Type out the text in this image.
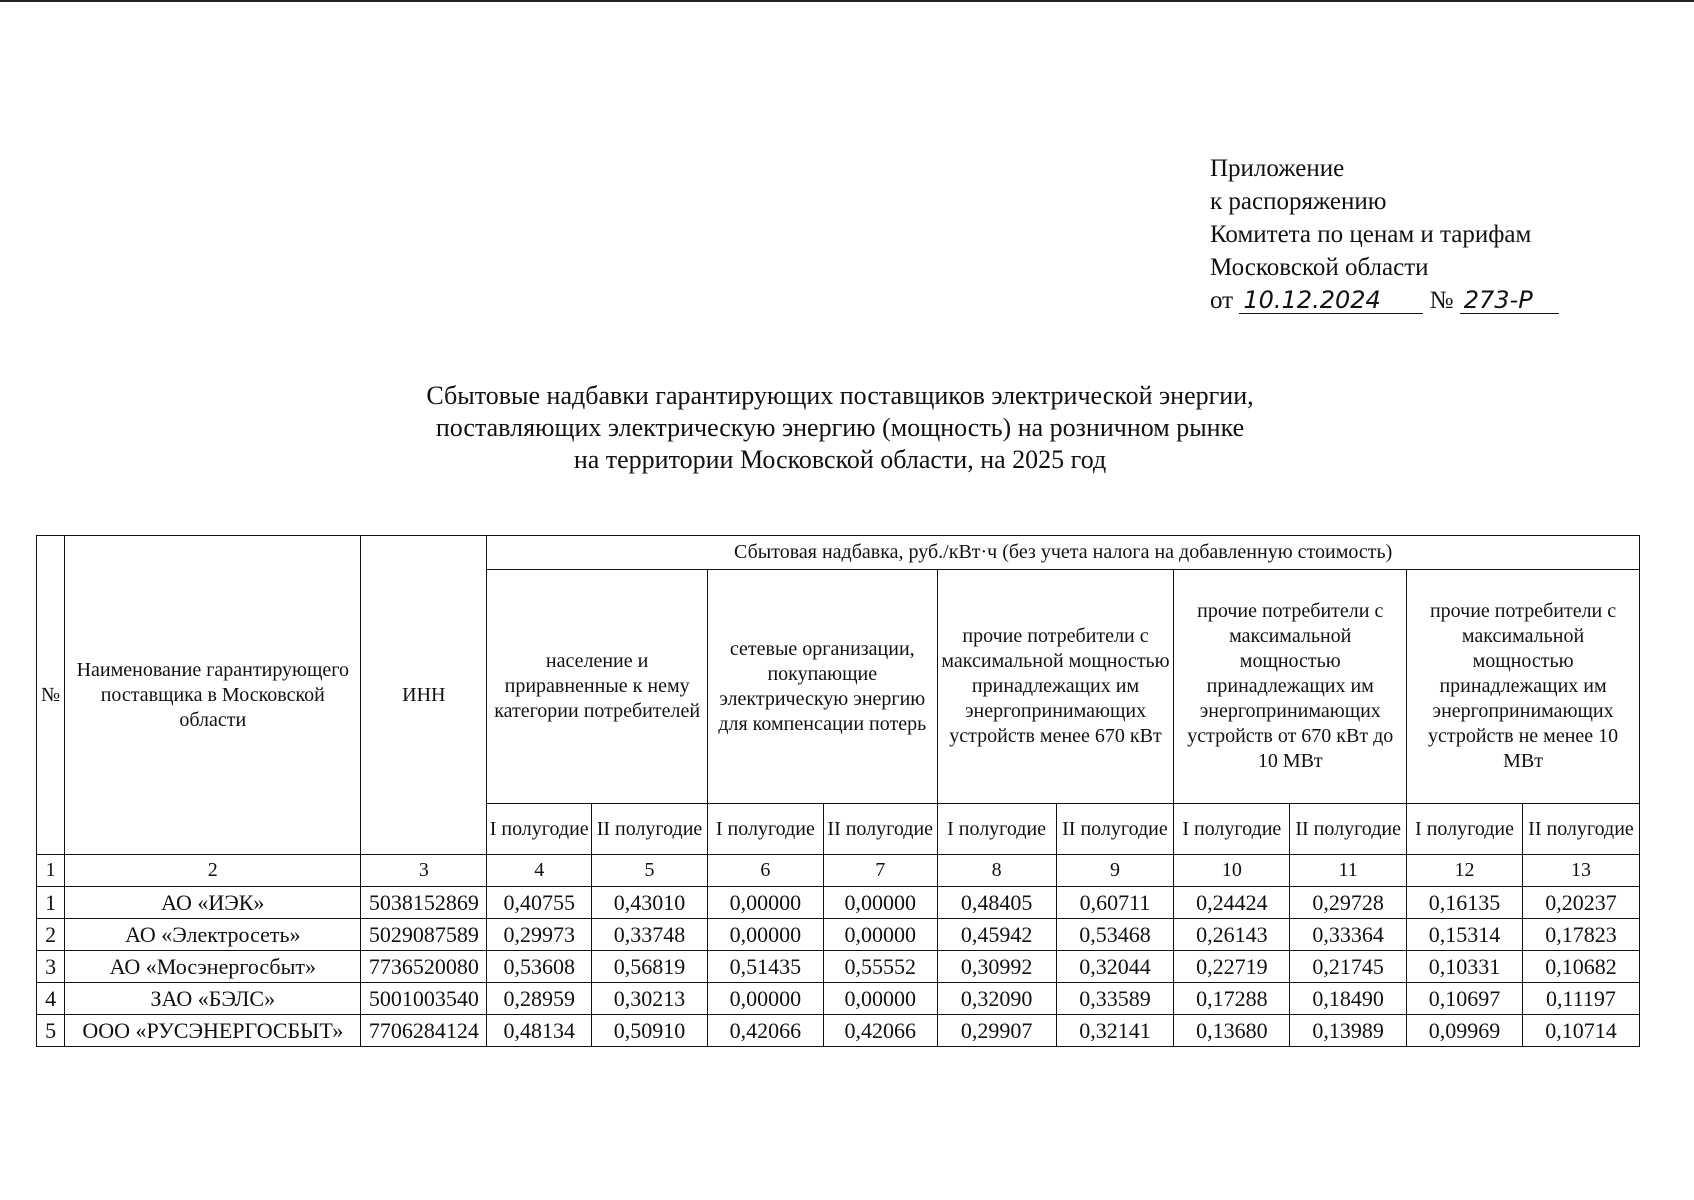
Приложение
к распоряжению
Комитета по ценам и тарифам
Московской области
от 10.12.2024 № 273-Р
Сбытовые надбавки гарантирующих поставщиков электрической энергии,
поставляющих электрическую энергию (мощность) на розничном рынке
на территории Московской области, на 2025 год
№	Наименование гарантирующего поставщика в Московской области	ИНН	Сбытовая надбавка, руб./кВт·ч (без учета налога на добавленную стоимость)									
			население и приравненные к нему категории потребителей		сетевые организации, покупающие электрическую энергию для компенсации потерь		прочие потребители с максимальной мощностью принадлежащих им энергопринимающих устройств менее 670 кВт		прочие потребители с максимальной мощностью принадлежащих им энергопринимающих устройств от 670 кВт до 10 МВт		прочие потребители с максимальной мощностью принадлежащих им энергопринимающих устройств не менее 10 МВт	
			I полугодие	II полугодие	I полугодие	II полугодие	I полугодие	II полугодие	I полугодие	II полугодие	I полугодие	II полугодие
1	2	3	4	5	6	7	8	9	10	11	12	13
1	АО «ИЭК»	5038152869	0,40755	0,43010	0,00000	0,00000	0,48405	0,60711	0,24424	0,29728	0,16135	0,20237
2	АО «Электросеть»	5029087589	0,29973	0,33748	0,00000	0,00000	0,45942	0,53468	0,26143	0,33364	0,15314	0,17823
3	АО «Мосэнергосбыт»	7736520080	0,53608	0,56819	0,51435	0,55552	0,30992	0,32044	0,22719	0,21745	0,10331	0,10682
4	ЗАО «БЭЛС»	5001003540	0,28959	0,30213	0,00000	0,00000	0,32090	0,33589	0,17288	0,18490	0,10697	0,11197
5	ООО «РУСЭНЕРГОСБЫТ»	7706284124	0,48134	0,50910	0,42066	0,42066	0,29907	0,32141	0,13680	0,13989	0,09969	0,10714
